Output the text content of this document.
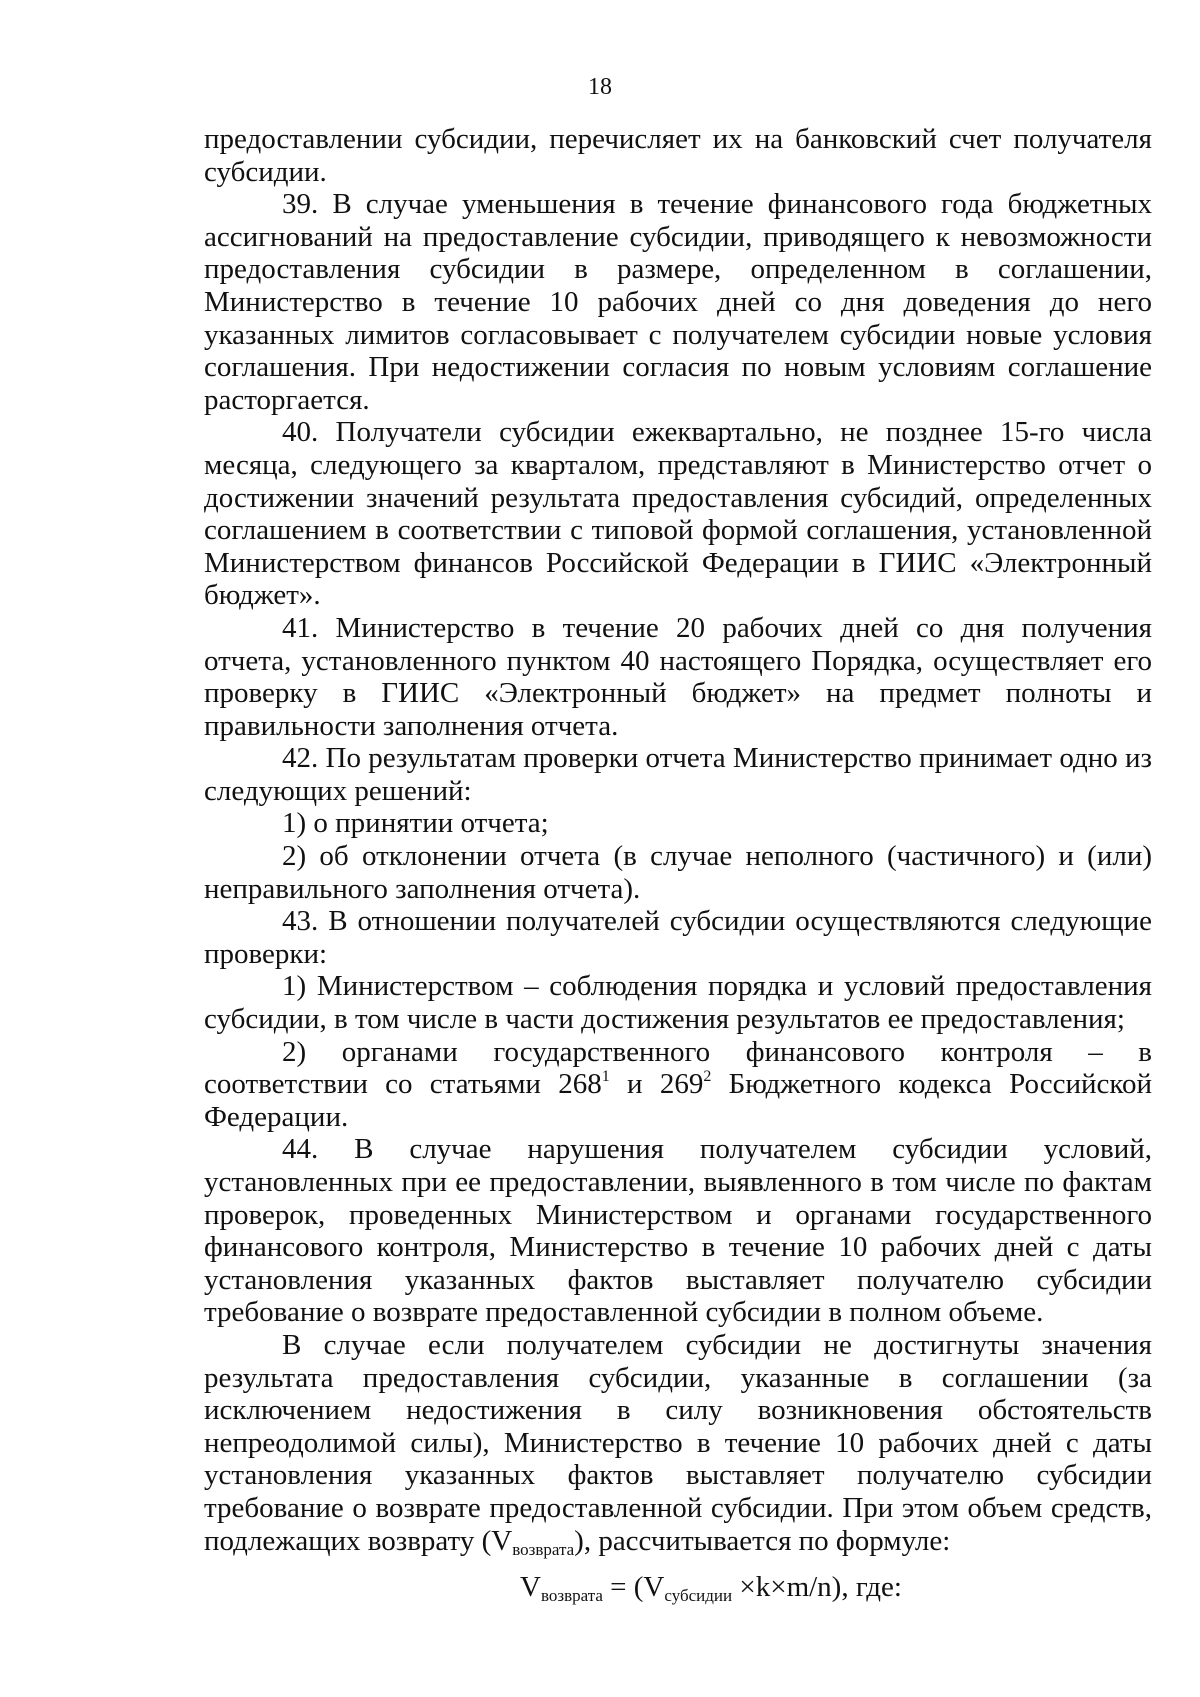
18

предоставлении субсидии, перечисляет их на банковский счет получателя субсидии.

39. В случае уменьшения в течение финансового года бюджетных ассигнований на предоставление субсидии, приводящего к невозможности предоставления субсидии в размере, определенном в соглашении, Министерство в течение 10 рабочих дней со дня доведения до него указанных лимитов согласовывает с получателем субсидии новые условия соглашения. При недостижении согласия по новым условиям соглашение расторгается.

40. Получатели субсидии ежеквартально, не позднее 15-го числа месяца, следующего за кварталом, представляют в Министерство отчет о достижении значений результата предоставления субсидий, определенных соглашением в соответствии с типовой формой соглашения, установленной Министерством финансов Российской Федерации в ГИИС «Электронный бюджет».

41. Министерство в течение 20 рабочих дней со дня получения отчета, установленного пунктом 40 настоящего Порядка, осуществляет его проверку в ГИИС «Электронный бюджет» на предмет полноты и правильности заполнения отчета.

42. По результатам проверки отчета Министерство принимает одно из следующих решений:

1) о принятии отчета;

2) об отклонении отчета (в случае неполного (частичного) и (или) неправильного заполнения отчета).

43. В отношении получателей субсидии осуществляются следующие проверки:

1) Министерством – соблюдения порядка и условий предоставления субсидии, в том числе в части достижения результатов ее предоставления;

2) органами государственного финансового контроля – в соответствии со статьями $268^1$ и $269^2$ Бюджетного кодекса Российской Федерации.

44. В случае нарушения получателем субсидии условий, установленных при ее предоставлении, выявленного в том числе по фактам проверок, проведенных Министерством и органами государственного финансового контроля, Министерство в течение 10 рабочих дней с даты установления указанных фактов выставляет получателю субсидии требование о возврате предоставленной субсидии в полном объеме.

В случае если получателем субсидии не достигнуты значения результата предоставления субсидии, указанные в соглашении (за исключением недостижения в силу возникновения обстоятельств непреодолимой силы), Министерство в течение 10 рабочих дней с даты установления указанных фактов выставляет получателю субсидии требование о возврате предоставленной субсидии. При этом объем средств, подлежащих возврату $(V_{возврата})$, рассчитывается по формуле:

$V_{возврата} = (V_{субсидии} \times k\times m/n)$, где:
